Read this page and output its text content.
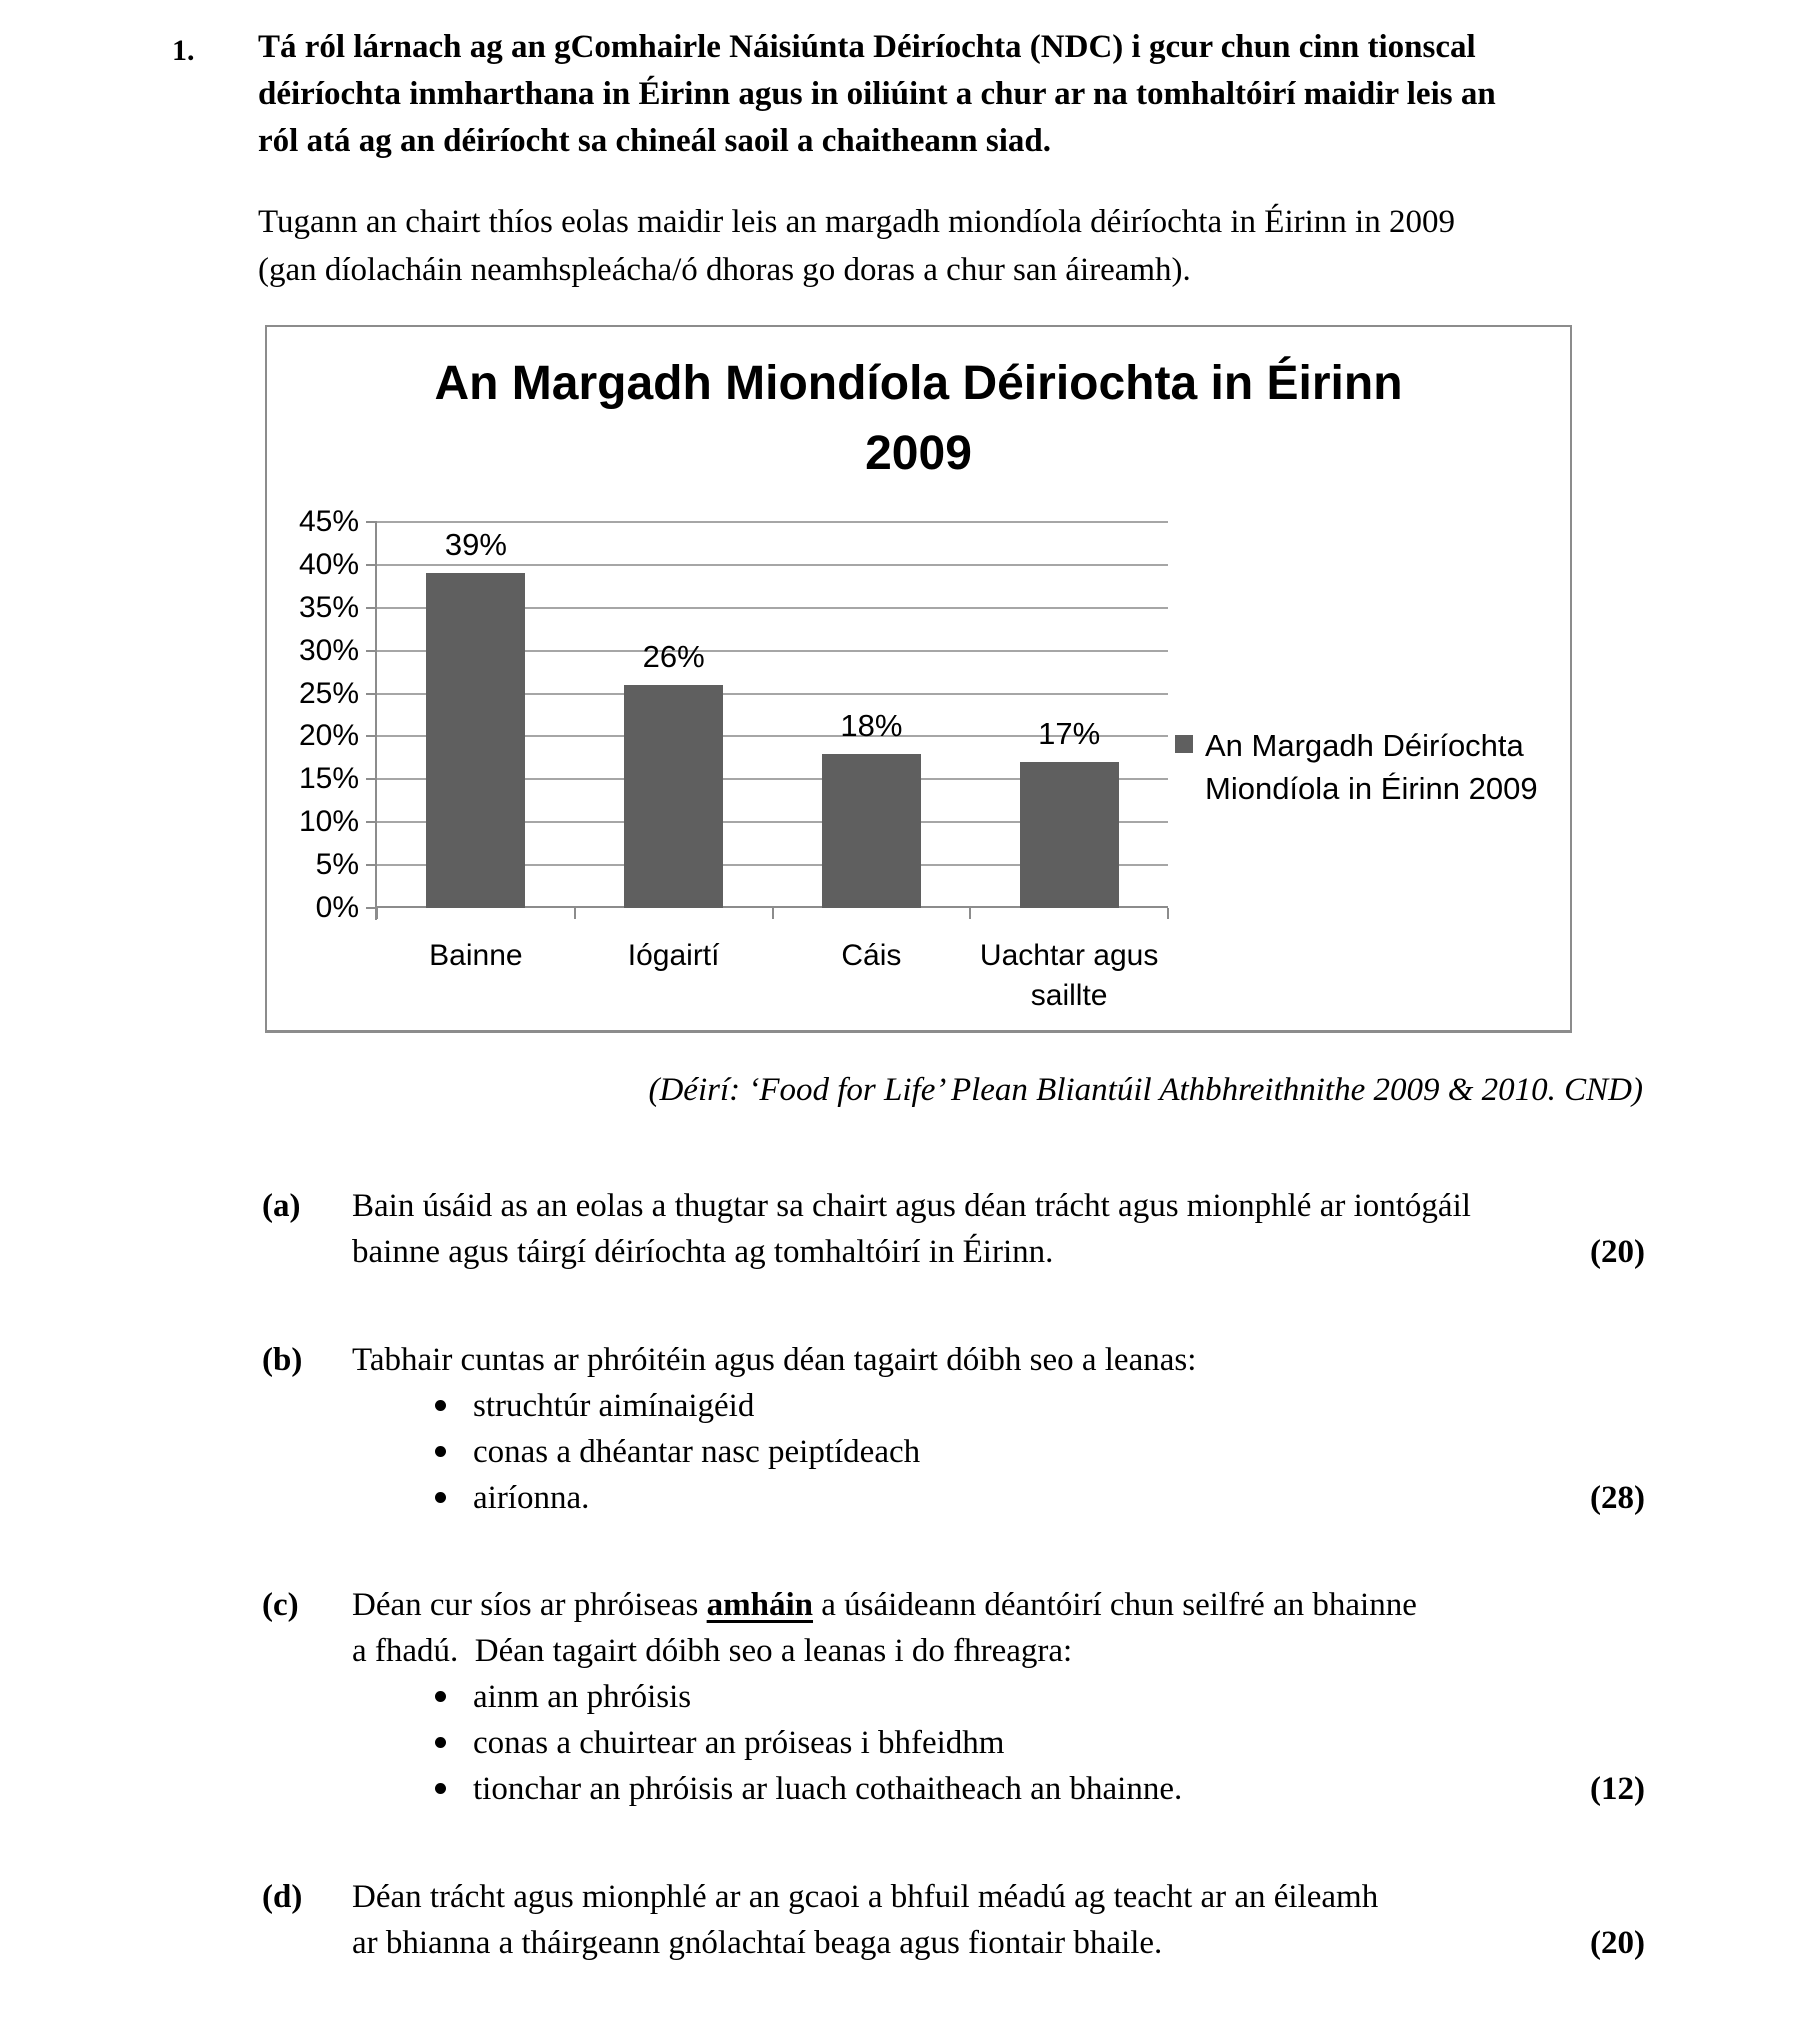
1. Tá ról lárnach ag an gComhairle Náisiúnta Déiríochta (NDC) i gcur chun cinn tionscal
déiríochta inmharthana in Éirinn agus in oiliúint a chur ar na tomhaltóirí maidir leis an
ról atá ag an déiríocht sa chineál saoil a chaitheann siad.
Tugann an chairt thíos eolas maidir leis an margadh miondíola déiríochta in Éirinn in 2009
(gan díolacháin neamhspleácha/ó dhoras go doras a chur san áireamh).
An Margadh Miondíola Déiriochta in Éirinn
2009
0%
5%
10%
15%
20%
25%
30%
35%
40%
45%
39%
Bainne
26%
Iógairtí
18%
Cáis
17%
Uachtar agus saillte
An Margadh Déiríochta
Miondíola in Éirinn 2009
(Déirí: ‘Food for Life’ Plean Bliantúil Athbhreithnithe 2009 & 2010. CND)
(a) Bain úsáid as an eolas a thugtar sa chairt agus déan trácht agus mionphlé ar iontógáil
bainne agus táirgí déiríochta ag tomhaltóirí in Éirinn.	(20)
(b) Tabhair cuntas ar phróitéin agus déan tagairt dóibh seo a leanas:
struchtúr aimínaigéid
conas a dhéantar nasc peiptídeach
airíonna.	(28)
(c) Déan cur síos ar phróiseas amháin a úsáideann déantóirí chun seilfré an bhainne
a fhadú.  Déan tagairt dóibh seo a leanas i do fhreagra:
ainm an phróisis
conas a chuirtear an próiseas i bhfeidhm
tionchar an phróisis ar luach cothaitheach an bhainne.	(12)
(d) Déan trácht agus mionphlé ar an gcaoi a bhfuil méadú ag teacht ar an éileamh
ar bhianna a tháirgeann gnólachtaí beaga agus fiontair bhaile.	(20)
